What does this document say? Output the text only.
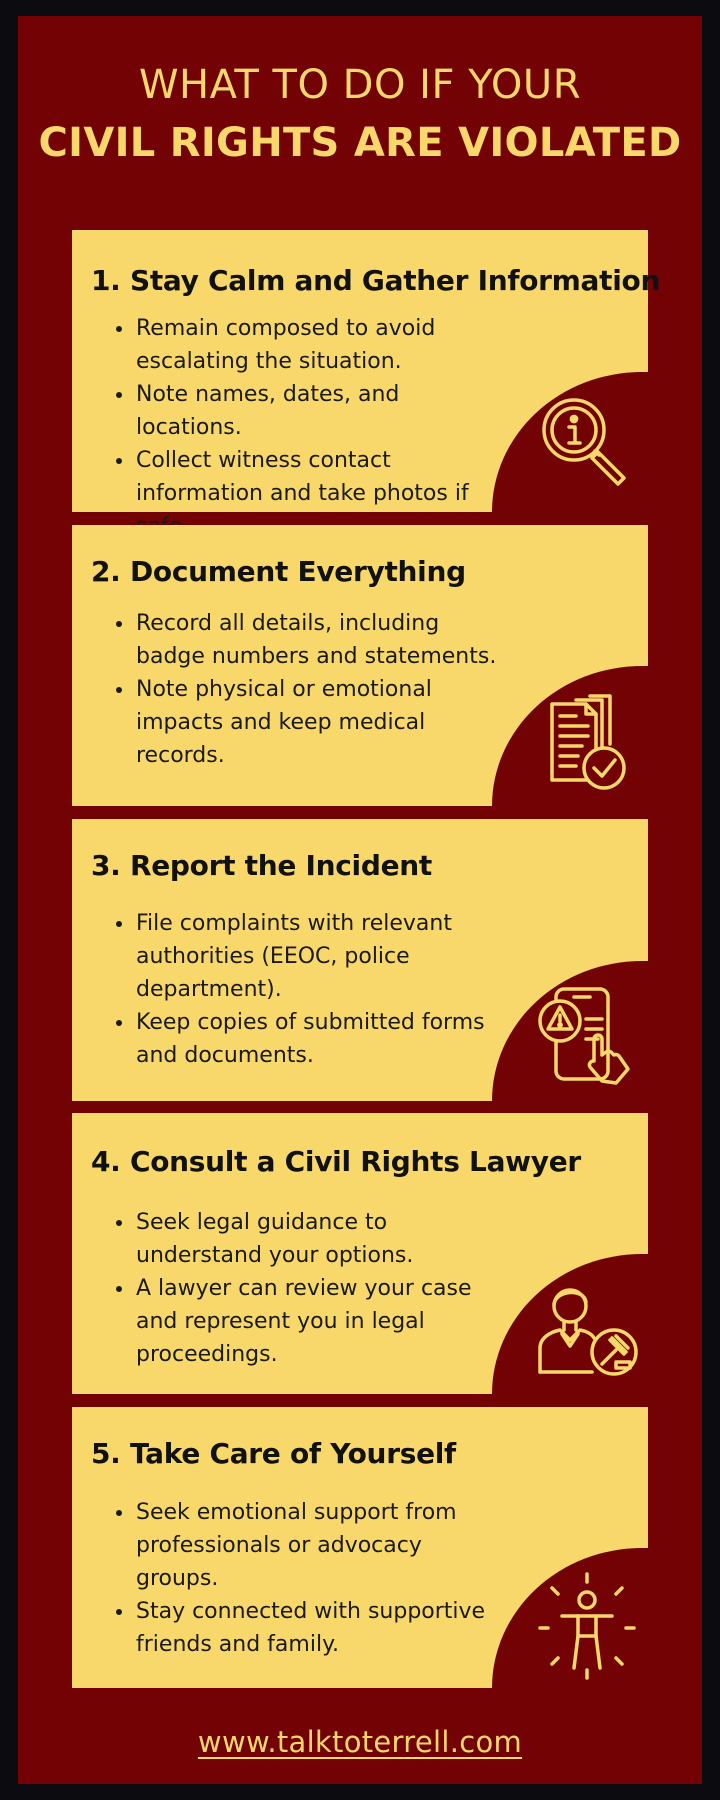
WHAT TO DO IF YOUR
CIVIL RIGHTS ARE VIOLATED
1. Stay Calm and Gather Information
Remain composed to avoid escalating the situation.
Note names, dates, and locations.
Collect witness contact information and take photos if
2. Document Everything
Record all details, including badge numbers and statements.
Note physical or emotional impacts and keep medical records.
3. Report the Incident
File complaints with relevant authorities (EEOC, police department).
Keep copies of submitted forms and documents.
4. Consult a Civil Rights Lawyer
Seek legal guidance to understand your options.
A lawyer can review your case and represent you in legal proceedings.
5. Take Care of Yourself
Seek emotional support from professionals or advocacy groups.
Stay connected with supportive friends and family.
www.talktoterrell.com
